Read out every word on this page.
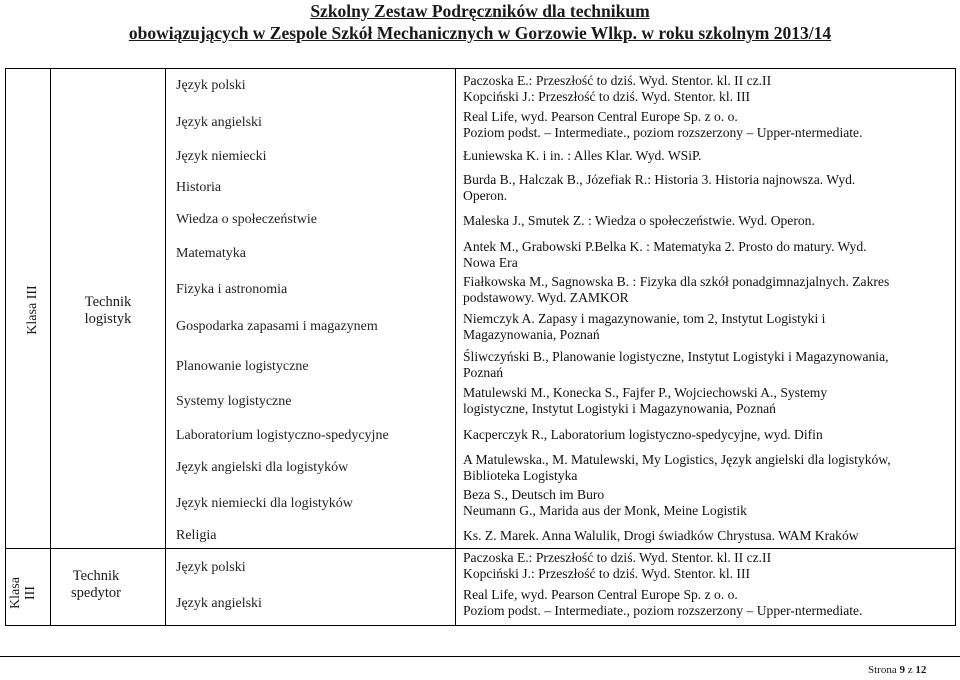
Szkolny Zestaw Podręczników dla technikum
obowiązujących w Zespole Szkół Mechanicznych w Gorzowie Wlkp. w roku szkolnym 2013/14
Klasa III	Technik
logistyk
Język polski
Język angielski
Język niemiecki
Historia
Wiedza o społeczeństwie
Matematyka
Fizyka i astronomia
Gospodarka zapasami i magazynem
Planowanie logistyczne
Systemy logistyczne
Laboratorium logistyczno-spedycyjne
Język angielski dla logistyków
Język niemiecki dla logistyków
Religia
Paczoska E.: Przeszłość to dziś. Wyd. Stentor. kl. II cz.II
Kopciński J.: Przeszłość to dziś. Wyd. Stentor. kl. III
Real Life, wyd. Pearson Central Europe Sp. z o. o.
Poziom podst. – Intermediate., poziom rozszerzony – Upper-ntermediate.
Łuniewska K. i in. : Alles Klar. Wyd. WSiP.
Burda B., Halczak B., Józefiak R.: Historia 3. Historia najnowsza. Wyd.
Operon.
Maleska J., Smutek Z. : Wiedza o społeczeństwie. Wyd. Operon.
Antek M., Grabowski P.Belka K. : Matematyka 2. Prosto do matury. Wyd.
Nowa Era
Fiałkowska M., Sagnowska B. : Fizyka dla szkół ponadgimnazjalnych. Zakres
podstawowy. Wyd. ZAMKOR
Niemczyk A. Zapasy i magazynowanie, tom 2, Instytut Logistyki i
Magazynowania, Poznań
Śliwczyński B., Planowanie logistyczne, Instytut Logistyki i Magazynowania,
Poznań
Matulewski M., Konecka S., Fajfer P., Wojciechowski A., Systemy
logistyczne, Instytut Logistyki i Magazynowania, Poznań
Kacperczyk R., Laboratorium logistyczno-spedycyjne, wyd. Difin
A Matulewska., M. Matulewski, My Logistics, Język angielski dla logistyków,
Biblioteka Logistyka
Beza S., Deutsch im Buro
Neumann G., Marida aus der Monk, Meine Logistik
Ks. Z. Marek. Anna Walulik, Drogi świadków Chrystusa. WAM Kraków
Klasa III
Technik
spedytor
Język polski
Język angielski
Paczoska E.: Przeszłość to dziś. Wyd. Stentor. kl. II cz.II
Kopciński J.: Przeszłość to dziś. Wyd. Stentor. kl. III
Real Life, wyd. Pearson Central Europe Sp. z o. o.
Poziom podst. – Intermediate., poziom rozszerzony – Upper-ntermediate.
Strona 9 z 12
